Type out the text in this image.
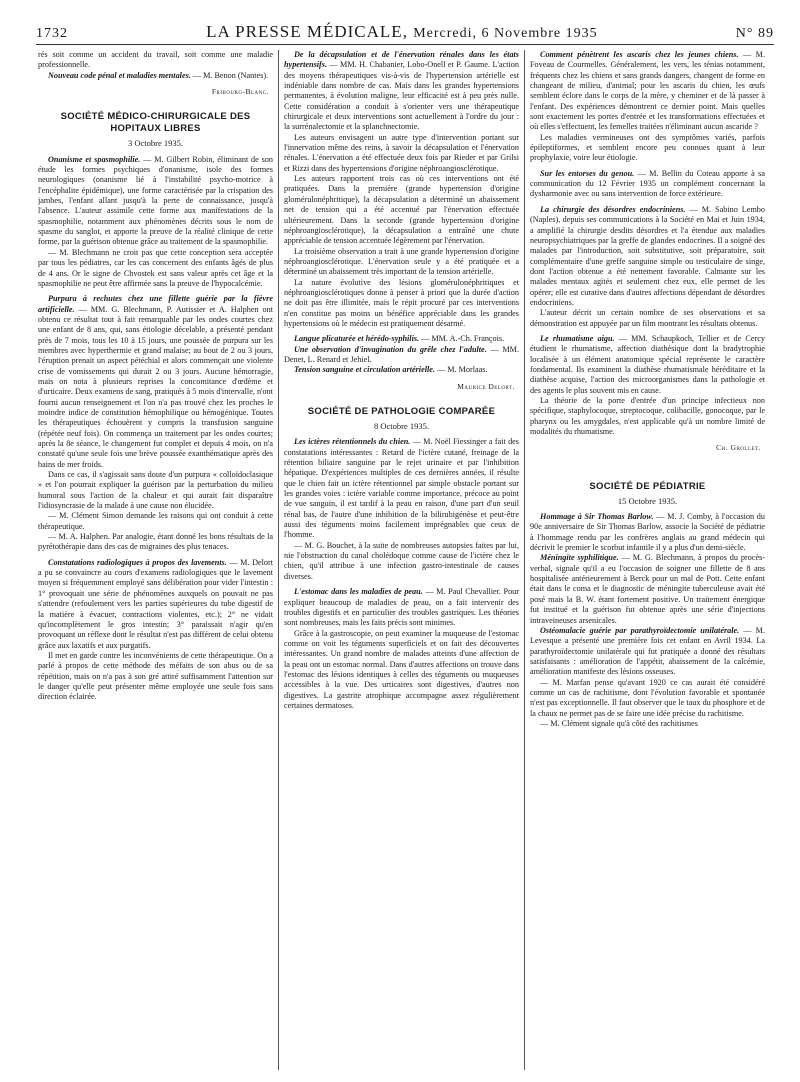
1732	LA PRESSE MÉDICALE, Mercredi, 6 Novembre 1935	N° 89

rés soit comme un accident du travail, soit comme une maladie professionnelle.

Nouveau code pénal et maladies mentales. — M. Benon (Nantes).

Fribourg-Blanc.
SOCIÉTÉ MÉDICO-CHIRURGICALE DES HOPITAUX LIBRES
3 Octobre 1935.

Onanisme et spasmophilie. — M. Gilbert Robin, éliminant de son étude les formes psychiques d'onanisme, isole des formes neurologiques (onanisme lié à l'instabilité psycho-motrice à l'encéphalite épidémique), une forme caractérisée par la crispation des jambes, l'enfant allant jusqu'à la perte de connaissance, jusqu'à l'absence. L'auteur assimile cette forme aux manifestations de la spasmophilie, notamment aux phénomènes décrits sous le nom de spasme du sanglot, et apporte la preuve de la réalité clinique de cette forme, par la guérison obtenue grâce au traitement de la spasmophilie.

— M. Blechmann ne croit pas que cette conception sera acceptée par tous les pédiatres, car les cas concernent des enfants âgés de plus de 4 ans. Or le signe de Chvostek est sans valeur après cet âge et la spasmophilie ne peut être affirmée sans la preuve de l'hypocalcémie.

Purpura à rechutes chez une fillette guérie par la fièvre artificielle. — MM. G. Blechmann, P. Autissier et A. Halphen ont obtenu ce résultat tout à fait remarquable par les ondes courtes chez une enfant de 8 ans, qui, sans étiologie décelable, a présenté pendant près de 7 mois, tous les 10 à 15 jours, une poussée de purpura sur les membres avec hyperthermie et grand malaise; au bout de 2 ou 3 jours, l'éruption prenait un aspect pétéchial et alors commençait une violente crise de vomissements qui durait 2 ou 3 jours. Aucune hémorragie, mais on nota à plusieurs reprises la concomitance d'œdème et d'urticaire. Deux examens de sang, pratiqués à 5 mois d'intervalle, n'ont fourni aucun renseignement et l'on n'a pas trouvé chez les proches le moindre indice de constitution hémophilique ou hémogénique. Toutes les thérapeutiques échouèrent y compris la transfusion sanguine (répétée neuf fois). On commença un traitement par les ondes courtes; après la 8e séance, le changement fut complet et depuis 4 mois, on n'a constaté qu'une seule fois une brève poussée exanthématique après des bains de mer froids.

Dans ce cas, il s'agissait sans doute d'un purpura « colloïdoclasique » et l'on pourrait expliquer la guérison par la perturbation du milieu humoral sous l'action de la chaleur et qui aurait fait disparaître l'idiosyncrasie de la malade à une cause non élucidée.

— M. Clément Simon demande les raisons qui ont conduit à cette thérapeutique.

— M. A. Halphen. Par analogie, étant donné les bons résultats de la pyrétothérapie dans des cas de migraines des plus tenaces.

Constatations radiologiques à propos des lavements. — M. Delort a pu se convaincre au cours d'examens radiologiques que le lavement moyen si fréquemment employé sans délibération pour vider l'intestin : 1° provoquait une série de phénomènes auxquels on pouvait ne pas s'attendre (refoulement vers les parties supérieures du tube digestif de la matière à évacuer, contractions violentes, etc.); 2° ne vidait qu'incomplètement le gros intestin; 3° paraissait n'agir qu'en provoquant un réflexe dont le résultat n'est pas différent de celui obtenu grâce aux laxatifs et aux purgatifs.

Il met en garde contre les inconvénients de cette thérapeutique. On a parlé à propos de cette méthode des méfaits de son abus ou de sa répétition, mais on n'a pas à son gré attiré suffisamment l'attention sur le danger qu'elle peut présenter même employée une seule fois sans direction éclairée.

De la décapsulation et de l'énervation rénales dans les états hypertensifs. — MM. H. Chabanier, Lobo-Onell et P. Gaume. L'action des moyens thérapeutiques vis-à-vis de l'hypertension artérielle est indéniable dans nombre de cas. Mais dans les grandes hypertensions permanentes, à évolution maligne, leur efficacité est à peu près nulle. Cette considération a conduit à s'orienter vers une thérapeutique chirurgicale et deux interventions sont actuellement à l'ordre du jour : la surrénalectomie et la splanchnectomie.

Les auteurs envisagent un autre type d'intervention portant sur l'innervation même des reins, à savoir la décapsulation et l'énervation rénales. L'énervation a été effectuée deux fois par Rieder et par Grilsi et Rizzi dans des hypertensions d'origine néphroangiosclérotique.

Les auteurs rapportent trois cas où ces interventions ont été pratiquées. Dans la première (grande hypertension d'origine glomérulonéphritique), la décapsulation a déterminé un abaissement net de tension qui a été accentué par l'énervation effectuée ultérieurement. Dans la seconde (grande hypertension d'origine néphroangiosclérotique), la décapsulation a entraîné une chute appréciable de tension accentuée légèrement par l'énervation.

La troisième observation a trait à une grande hypertension d'origine néphroangiosclérotique. L'énervation seule y a été pratiquée et a déterminé un abaissement très important de la tension artérielle.

La nature évolutive des lésions glomérulonéphritiques et néphroangiosclérotiques donne à penser à priori que la durée d'action ne doit pas être illimitée, mais le répit procuré par ces interventions n'en constitue pas moins un bénéfice appréciable dans les grandes hypertensions où le médecin est pratiquement désarmé.

Langue plicaturée et hérédo-syphilis. — MM. A.-Ch. François.

Une observation d'invagination du grêle chez l'adulte. — MM. Denet, L. Renard et Jehiel.

Tension sanguine et circulation artérielle. — M. Morlaas.

Maurice Delort.
SOCIÉTÉ DE PATHOLOGIE COMPARÉE
8 Octobre 1935.

Les ictères rétentionnels du chien. — M. Noël Fiessinger a fait des constatations intéressantes : Retard de l'ictère cutané, freinage de la rétention biliaire sanguine par le rejet urinaire et par l'inhibition hépatique. D'expériences multiples de ces dernières années, il résulte que le chien fait un ictère rétentionnel par simple obstacle portant sur les grandes voies : ictère variable comme importance, précoce au point de vue sanguin, il est tardif à la peau en raison, d'une part d'un seuil rénal bas, de l'autre d'une inhibition de la bilirubigénèse et peut-être aussi des téguments moins facilement imprégnables que ceux de l'homme.

— M. G. Bouchet, à la suite de nombreuses autopsies faites par lui, nie l'obstruction du canal cholédoque comme cause de l'ictère chez le chien, qu'il attribue à une infection gastro-intestinale de causes diverses.

L'estomac dans les maladies de peau. — M. Paul Chevallier. Pour expliquer beaucoup de maladies de peau, on a fait intervenir des troubles digestifs et en particulier des troubles gastriques. Les théories sont nombreuses, mais les faits précis sont minimes.

Grâce à la gastroscopie, on peut examiner la muqueuse de l'estomac comme on voit les téguments superficiels et on fait des découvertes intéressantes. Un grand nombre de malades atteints d'une affection de la peau ont un estomac normal. Dans d'autres affections on trouve dans l'estomac des lésions identiques à celles des téguments ou muqueuses accessibles à la vue. Des urticaires sont digestives, d'autres non digestives. La gastrite atrophique accompagne assez régulièrement certaines dermatoses.

Comment pénètrent les ascaris chez les jeunes chiens. — M. Foveau de Courmelles. Généralement, les vers, les ténias notamment, fréquents chez les chiens et sans grands dangers, changent de forme en changeant de milieu, d'animal; pour les ascaris du chien, les œufs semblent éclore dans le corps de la mère, y cheminer et de là passer à l'enfant. Des expériences démontrent ce dernier point. Mais quelles sont exactement les portes d'entrée et les transformations effectuées et où elles s'effectuent, les femelles traitées n'éliminant aucun ascaride ?

Les maladies vermineuses ont des symptômes variés, parfois épileptiformes, et semblent encore peu connues quant à leur prophylaxie, voire leur étiologie.

Sur les entorses du genou. — M. Bellin du Coteau apporte à sa communication du 12 Février 1935 un complément concernant la dysharmonie avec ou sans intervention de force extérieure.

La chirurgie des désordres endocriniens. — M. Sabino Lembo (Naples), depuis ses communications à la Société en Mai et Juin 1934, a amplifié la chirurgie desdits désordres et l'a étendue aux maladies neuropsychiatriques par la greffe de glandes endocrines. Il a soigné des malades par l'introduction, soit substitutive, soit préparatoire, soit complémentaire d'une greffe sanguine simple ou testiculaire de singe, dont l'action obtenue a été nettement favorable. Calmante sur les malades mentaux agités et seulement chez eux, elle permet de les opérer; elle est curative dans d'autres affections dépendant de désordres endocriniens.

L'auteur décrit un certain nombre de ses observations et sa démonstration est appuyée par un film montrant les résultats obtenus.

Le rhumatisme aigu. — MM. Schaupkoch, Tellier et de Cercy étudient le rhumatisme, affection diathésique dont la bradytrophie localisée à un élément anatomique spécial représente le caractère fondamental. Ils examinent la diathèse rhumatismale héréditaire et la diathèse acquise, l'action des microorganismes dans la pathologie et des agents le plus souvent mis en cause.

La théorie de la porte d'entrée d'un principe infectieux non spécifique, staphylocoque, streptocoque, colibacille, gonocoque, par le pharynx ou les amygdales, n'est applicable qu'à un nombre limité de modalités du rhumatisme.

Ch. Grollet.
SOCIÉTÉ DE PÉDIATRIE
15 Octobre 1935.

Hommage à Sir Thomas Barlow. — M. J. Comby, à l'occasion du 90e anniversaire de Sir Thomas Barlow, associe la Société de pédiatrie à l'hommage rendu par les confrères anglais au grand médecin qui décrivit le premier le scorbut infantile il y a plus d'un demi-siècle.

Méningite syphilitique. — M. G. Blechmann, à propos du procès-verbal, signale qu'il a eu l'occasion de soigner une fillette de 8 ans hospitalisée antérieurement à Berck pour un mal de Pott. Cette enfant était dans le coma et le diagnostic de méningite tuberculeuse avait été posé mais la B. W. étant fortement positive. Un traitement énergique fut institué et la guérison fut obtenue après une série d'injections intraveineuses arsenicales.

Ostéomalacie guérie par parathyroïdectomie unilatérale. — M. Levesque a présenté une première fois cet enfant en Avril 1934. La parathyroïdectomie unilatérale qui fut pratiquée a donné des résultats satisfaisants : amélioration de l'appétit, abaissement de la calcémie, amélioration manifeste des lésions osseuses.

— M. Marfan pense qu'avant 1920 ce cas aurait été considéré comme un cas de rachitisme, dont l'évolution favorable et spontanée n'est pas exceptionnelle. Il faut observer que le taux du phosphore et de la chaux ne permet pas de se faire une idée précise du rachitisme.

— M. Clément signale qu'à côté des rachitismes
